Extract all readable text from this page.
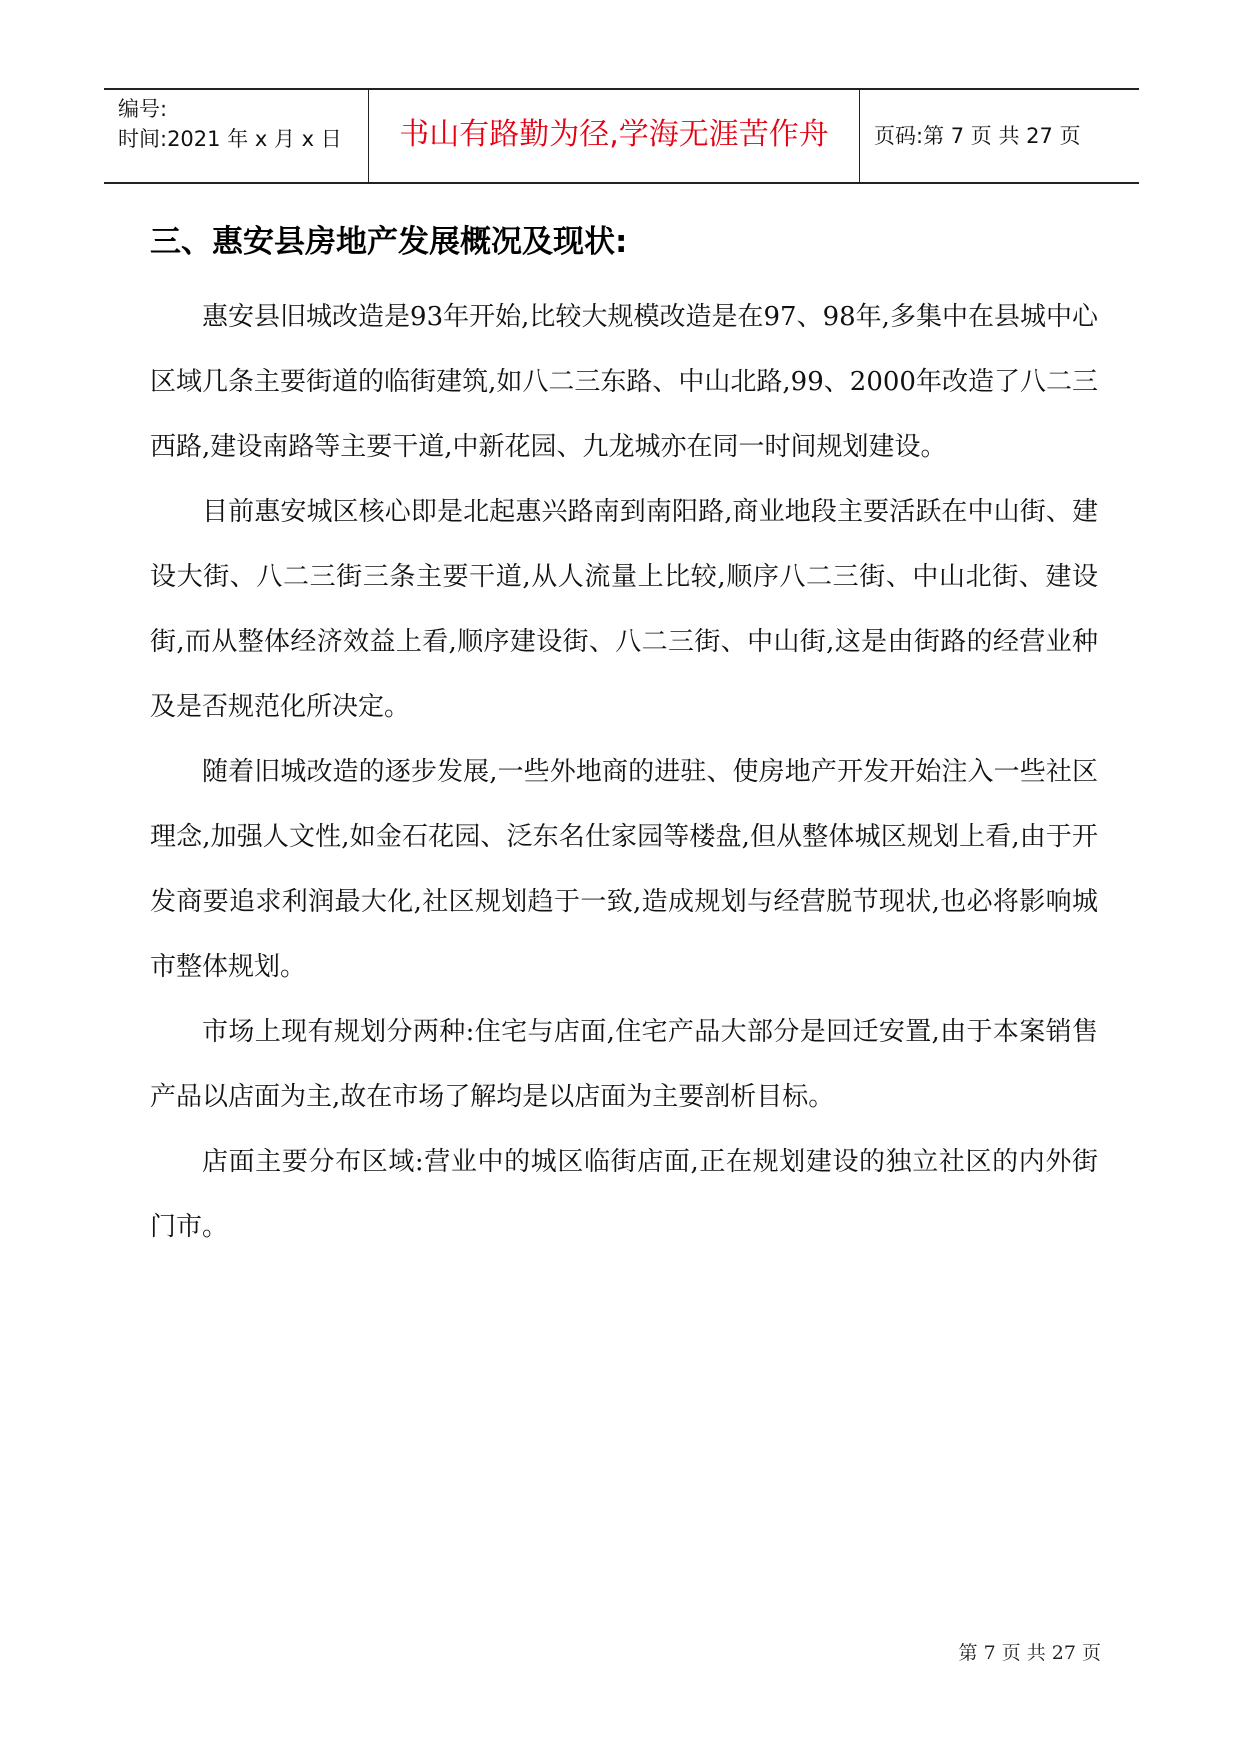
编号:
时间:2021 年 x 月 x 日	书山有路勤为径,学海无涯苦作舟	页码:第 7 页 共 27 页
三、惠安县房地产发展概况及现状:

惠安县旧城改造是93年开始,比较大规模改造是在97、98年,多集中在县城中心区域几条主要街道的临街建筑,如八二三东路、中山北路,99、2000年改造了八二三西路,建设南路等主要干道,中新花园、九龙城亦在同一时间规划建设。

目前惠安城区核心即是北起惠兴路南到南阳路,商业地段主要活跃在中山街、建设大街、八二三街三条主要干道,从人流量上比较,顺序八二三街、中山北街、建设街,而从整体经济效益上看,顺序建设街、八二三街、中山街,这是由街路的经营业种及是否规范化所决定。

随着旧城改造的逐步发展,一些外地商的进驻、使房地产开发开始注入一些社区理念,加强人文性,如金石花园、泛东名仕家园等楼盘,但从整体城区规划上看,由于开发商要追求利润最大化,社区规划趋于一致,造成规划与经营脱节现状,也必将影响城市整体规划。

市场上现有规划分两种:住宅与店面,住宅产品大部分是回迁安置,由于本案销售产品以店面为主,故在市场了解均是以店面为主要剖析目标。

店面主要分布区域:营业中的城区临街店面,正在规划建设的独立社区的内外街门市。

第 7 页 共 27 页
